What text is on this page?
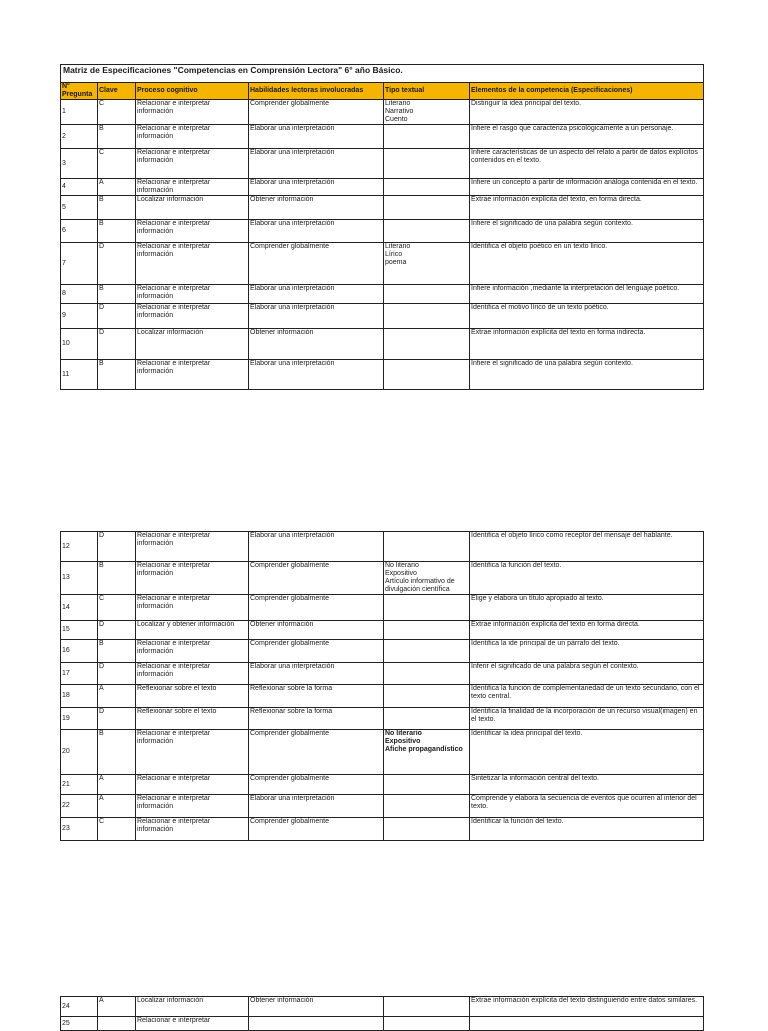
Matriz de Especificaciones "Competencias en Comprensión Lectora" 6° año Básico.					
N° Pregunta	Clave	Proceso cognitivo	Habilidades lectoras involucradas	Tipo textual	Elementos de la competencia (Especificaciones)
1	C	Relacionar e interpretar información	Comprender globalmente	Literario
Narrativo
Cuento	Distinguir la idea principal del texto.
2	B	Relacionar e interpretar información	Elaborar una interpretación		Infiere el rasgo que caracteriza psicológicamente a un personaje.
3	C	Relacionar e interpretar información	Elaborar una interpretación		Infiere características de un aspecto del relato a partir de datos explícitos contenidos en el texto.
4	A	Relacionar e interpretar información	Elaborar una interpretación		Infiere un concepto a partir de información análoga contenida en el texto.
5	B	Localizar información	Obtener información		Extrae información explícita del texto, en forma directa.
6	B	Relacionar e interpretar información	Elaborar una interpretación		Infiere el significado de una palabra según contexto.
7	D	Relacionar e interpretar información	Comprender globalmente	Literario
Lírico
poema	Identifica el objeto poético en un texto lírico.
8	B	Relacionar e interpretar información	Elaborar una interpretación		Infiere información ,mediante la interpretación del lenguaje poético.
9	D	Relacionar e interpretar información	Elaborar una interpretación		Identifica el motivo lírico de un texto poético.
10	D	Localizar información	Obtener información		Extrae información explícita del texto en forma indirecta.
11	B	Relacionar e interpretar información	Elaborar una interpretación		Infiere el significado de una palabra según contexto.
12	D	Relacionar e interpretar información	Elaborar una interpretación		Identifica el objeto lírico como receptor del mensaje del hablante.
13	B	Relacionar e interpretar información	Comprender globalmente	No literario
Expositivo
Artículo informativo de divulgación científica	Identifica la función del texto.
14	C	Relacionar e interpretar información	Comprender globalmente		Elige y elabora un título apropiado al texto.
15	D	Localizar y obtener información	Obtener información		Extrae información explícita del texto en forma directa.
16	B	Relacionar e interpretar información	Comprender globalmente		Identifica la ide principal de un párrafo del texto.
17	D	Relacionar e interpretar información	Elaborar una interpretación		Inferir el significado de una palabra según el contexto.
18	A	Reflexionar sobre el texto	Reflexionar sobre la forma		Identifica la función de complementariedad de un texto secundario, con el texto central.
19	D	Reflexionar sobre el texto	Reflexionar sobre la forma		Identifica la finalidad de la incorporación de un recurso visual(imagen) en el texto.
20	B	Relacionar e interpretar información	Comprender globalmente	No literario
Expositivo
Afiche propagandístico	Identificar la idea principal del texto.
21	A	Relacionar e interpretar	Comprender globalmente		Sintetizar la información central del texto.
22	A	Relacionar e interpretar información	Elaborar una interpretación		Comprende y elabora la secuencia de eventos que ocurren al interior del texto.
23	C	Relacionar e interpretar información	Comprender globalmente		Identificar la función del texto.
24	A	Localizar información	Obtener información		Extrae información explícita del texto distinguiendo entre datos similares.
25		Relacionar e interpretar			
